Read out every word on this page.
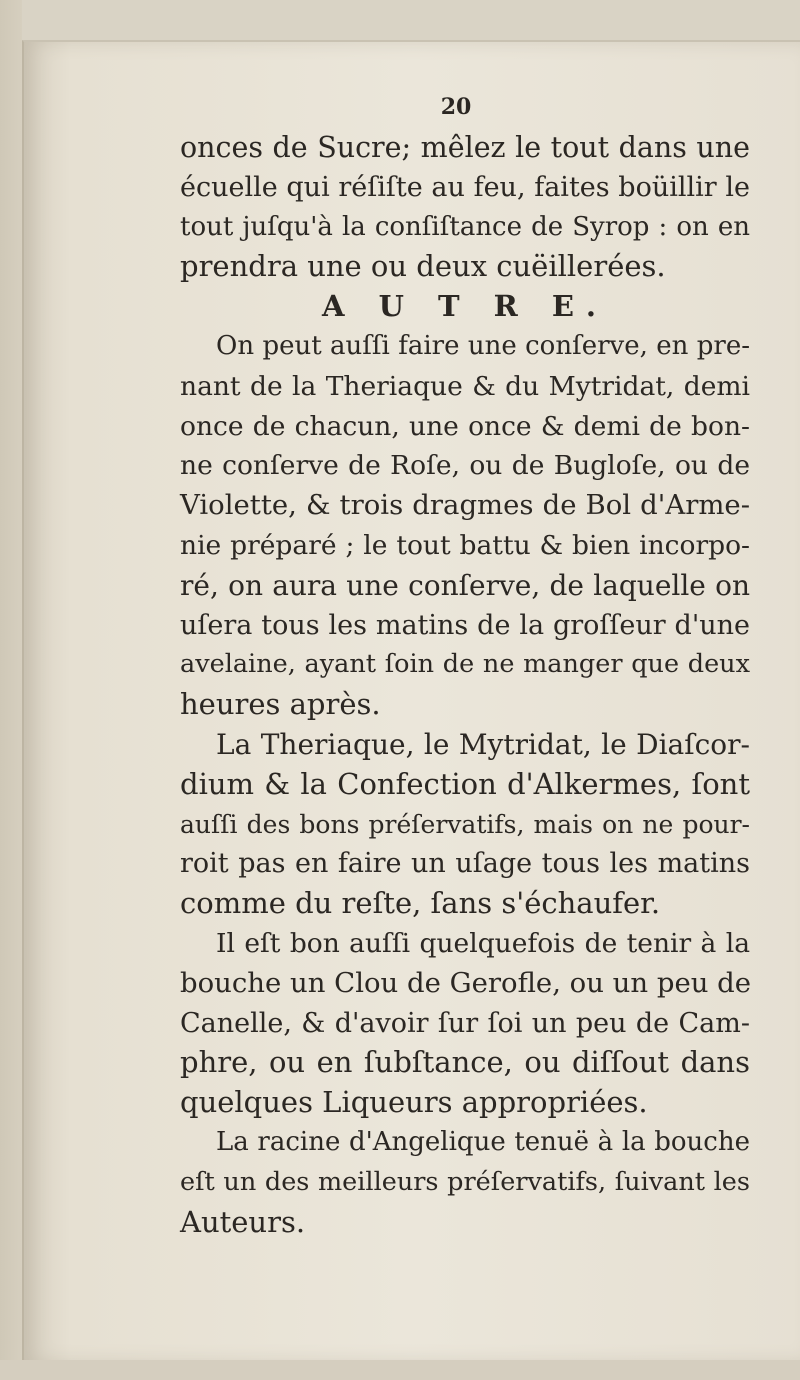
20
onces de Sucre; mêlez le tout dans une
écuelle qui réſiſte au feu, faites boüillir le
tout juſqu'à la conſiſtance de Syrop : on en
prendra une ou deux cuëillerées.
A U T R E.
On peut auſſi faire une conſerve, en pre-
nant de la Theriaque & du Mytridat, demi
once de chacun, une once & demi de bon-
ne conſerve de Roſe, ou de Bugloſe, ou de
Violette, & trois dragmes de Bol d'Arme-
nie préparé ; le tout battu & bien incorpo-
ré, on aura une conſerve, de laquelle on
uſera tous les matins de la groſſeur d'une
avelaine, ayant ſoin de ne manger que deux
heures après.
La Theriaque, le Mytridat, le Diaſcor-
dium & la Confection d'Alkermes, ſont
auſſi des bons préſervatifs, mais on ne pour-
roit pas en faire un uſage tous les matins
comme du reſte, ſans s'échaufer.
Il eſt bon auſſi quelquefois de tenir à la
bouche un Clou de Gerofle, ou un peu de
Canelle, & d'avoir ſur ſoi un peu de Cam-
phre, ou en ſubſtance, ou diſſout dans
quelques Liqueurs appropriées.
La racine d'Angelique tenuë à la bouche
eſt un des meilleurs préſervatifs, ſuivant les
Auteurs.
